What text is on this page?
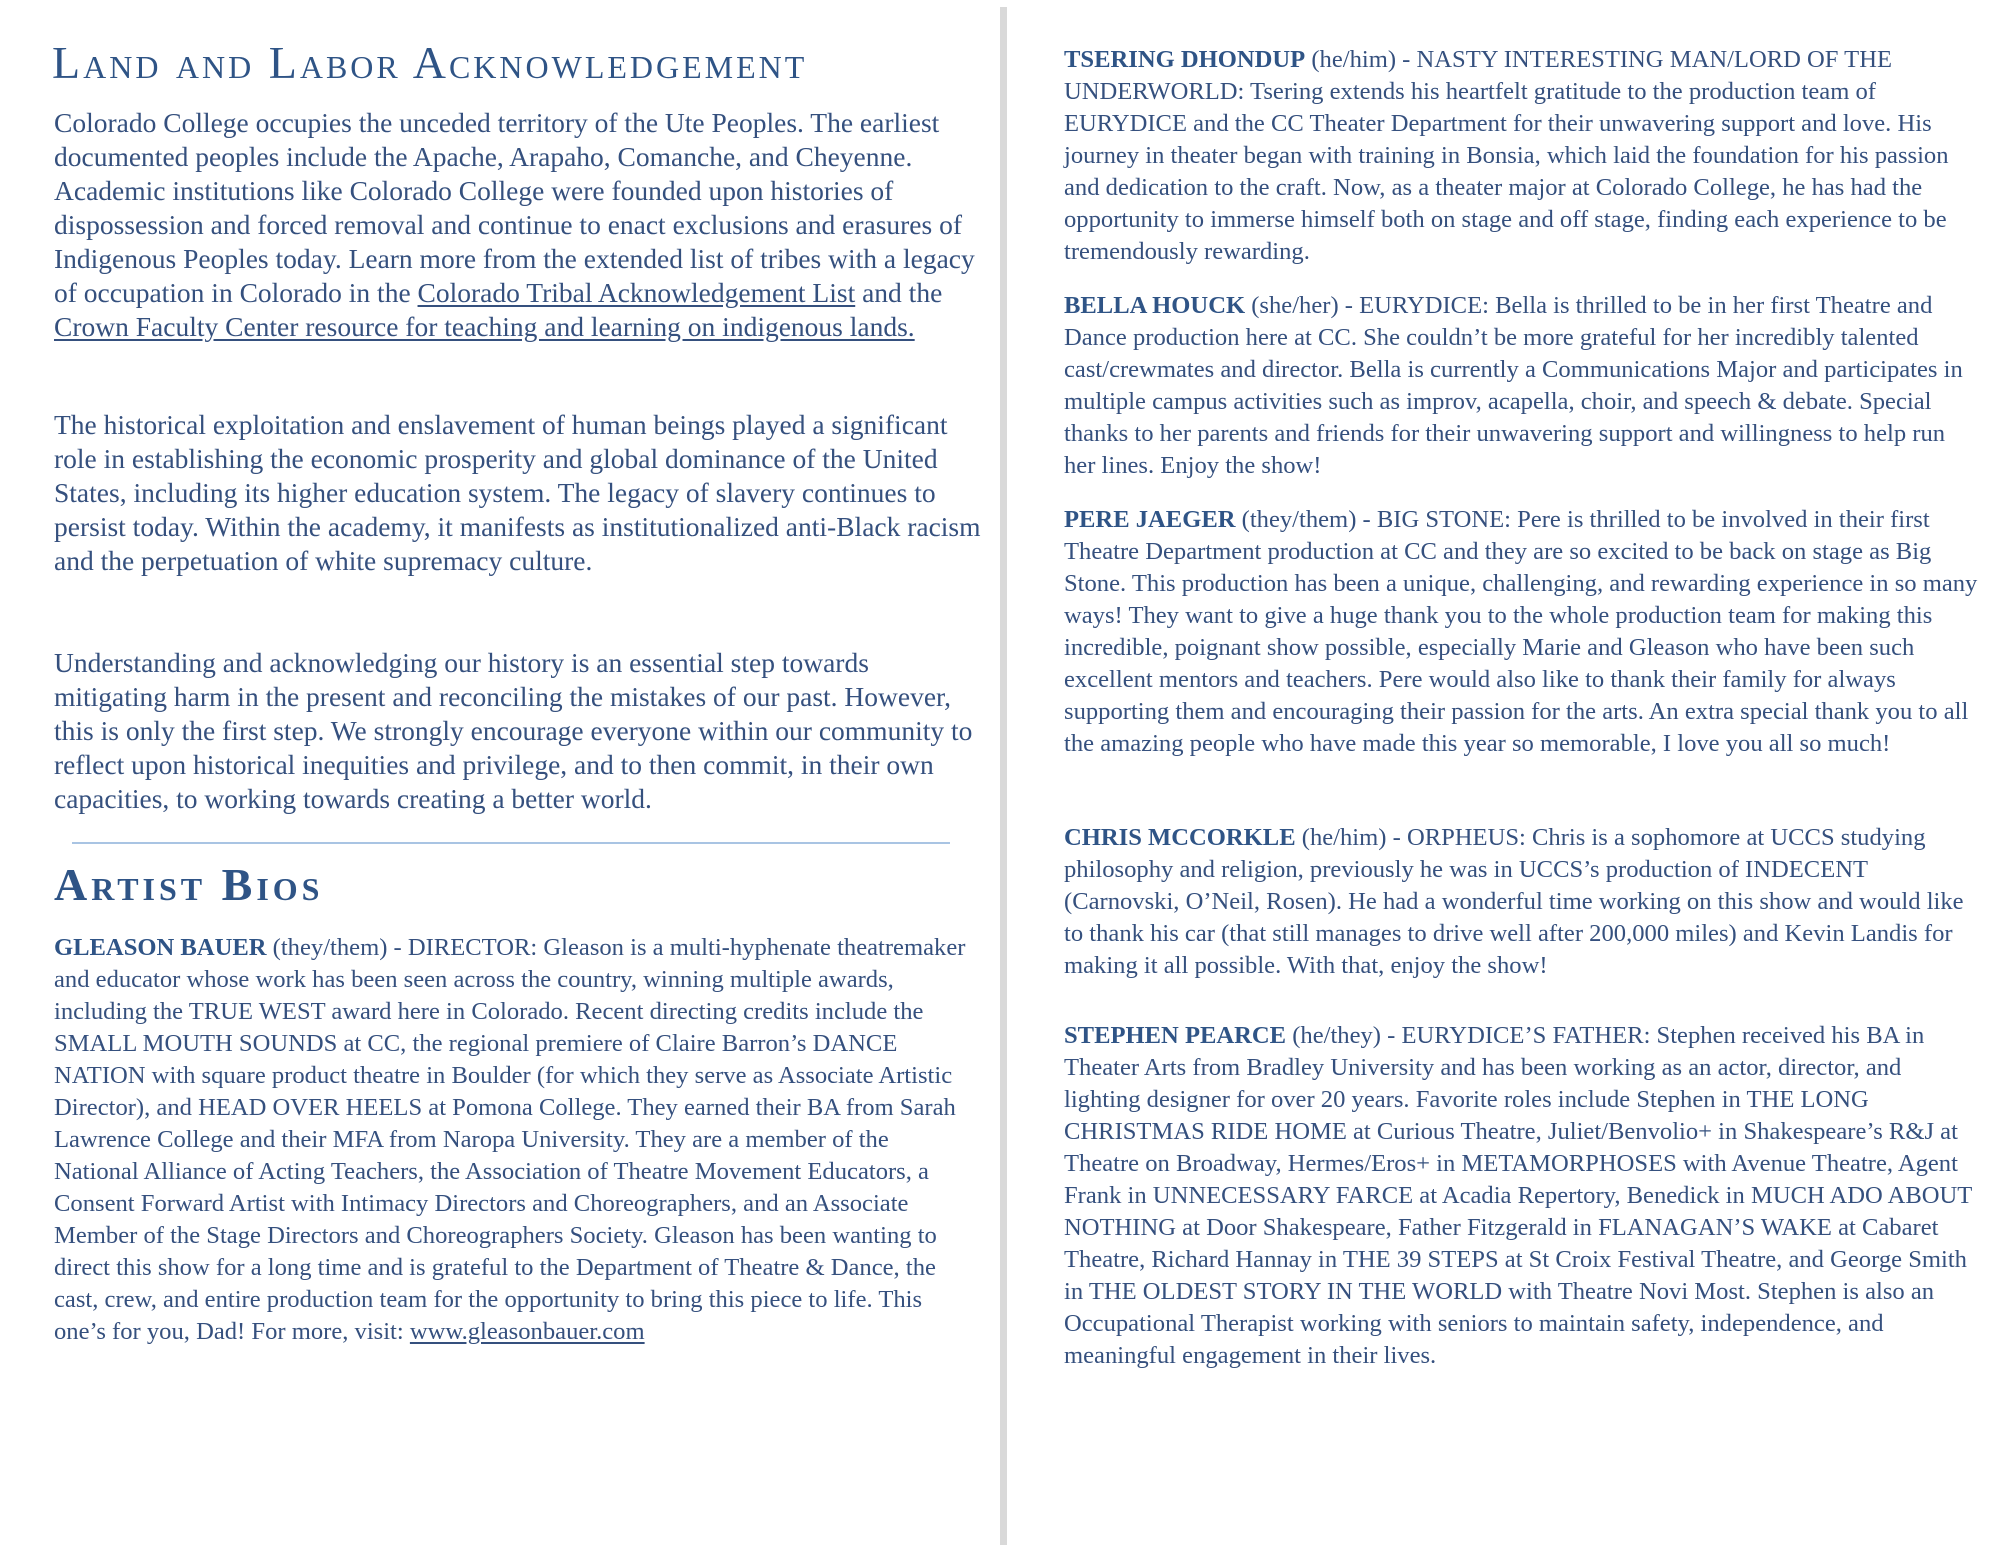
Land and Labor Acknowledgement

Colorado College occupies the unceded territory of the Ute Peoples. The earliest documented peoples include the Apache, Arapaho, Comanche, and Cheyenne. Academic institutions like Colorado College were founded upon histories of dispossession and forced removal and continue to enact exclusions and erasures of Indigenous Peoples today. Learn more from the extended list of tribes with a legacy of occupation in Colorado in the Colorado Tribal Acknowledgement List and the Crown Faculty Center resource for teaching and learning on indigenous lands.

The historical exploitation and enslavement of human beings played a significant role in establishing the economic prosperity and global dominance of the United States, including its higher education system. The legacy of slavery continues to persist today. Within the academy, it manifests as institutionalized anti-Black racism and the perpetuation of white supremacy culture.

Understanding and acknowledging our history is an essential step towards mitigating harm in the present and reconciling the mistakes of our past. However, this is only the first step. We strongly encourage everyone within our community to reflect upon historical inequities and privilege, and to then commit, in their own capacities, to working towards creating a better world.

Artist Bios

GLEASON BAUER (they/them) - DIRECTOR: Gleason is a multi-hyphenate theatremaker and educator whose work has been seen across the country, winning multiple awards, including the TRUE WEST award here in Colorado. Recent directing credits include the SMALL MOUTH SOUNDS at CC, the regional premiere of Claire Barron’s DANCE NATION with square product theatre in Boulder (for which they serve as Associate Artistic Director), and HEAD OVER HEELS at Pomona College. They earned their BA from Sarah Lawrence College and their MFA from Naropa University. They are a member of the National Alliance of Acting Teachers, the Association of Theatre Movement Educators, a Consent Forward Artist with Intimacy Directors and Choreographers, and an Associate Member of the Stage Directors and Choreographers Society. Gleason has been wanting to direct this show for a long time and is grateful to the Department of Theatre & Dance, the cast, crew, and entire production team for the opportunity to bring this piece to life. This one’s for you, Dad! For more, visit: www.gleasonbauer.com

TSERING DHONDUP (he/him) - NASTY INTERESTING MAN/LORD OF THE UNDERWORLD: Tsering extends his heartfelt gratitude to the production team of EURYDICE and the CC Theater Department for their unwavering support and love. His journey in theater began with training in Bonsia, which laid the foundation for his passion and dedication to the craft. Now, as a theater major at Colorado College, he has had the opportunity to immerse himself both on stage and off stage, finding each experience to be tremendously rewarding.

BELLA HOUCK (she/her) - EURYDICE: Bella is thrilled to be in her first Theatre and Dance production here at CC. She couldn’t be more grateful for her incredibly talented cast/crewmates and director. Bella is currently a Communications Major and participates in multiple campus activities such as improv, acapella, choir, and speech & debate. Special thanks to her parents and friends for their unwavering support and willingness to help run her lines. Enjoy the show!

PERE JAEGER (they/them) - BIG STONE: Pere is thrilled to be involved in their first Theatre Department production at CC and they are so excited to be back on stage as Big Stone. This production has been a unique, challenging, and rewarding experience in so many ways! They want to give a huge thank you to the whole production team for making this incredible, poignant show possible, especially Marie and Gleason who have been such excellent mentors and teachers. Pere would also like to thank their family for always supporting them and encouraging their passion for the arts. An extra special thank you to all the amazing people who have made this year so memorable, I love you all so much!

CHRIS MCCORKLE (he/him) - ORPHEUS: Chris is a sophomore at UCCS studying philosophy and religion, previously he was in UCCS’s production of INDECENT (Carnovski, O’Neil, Rosen). He had a wonderful time working on this show and would like to thank his car (that still manages to drive well after 200,000 miles) and Kevin Landis for making it all possible. With that, enjoy the show!

STEPHEN PEARCE (he/they) - EURYDICE’S FATHER: Stephen received his BA in Theater Arts from Bradley University and has been working as an actor, director, and lighting designer for over 20 years. Favorite roles include Stephen in THE LONG CHRISTMAS RIDE HOME at Curious Theatre, Juliet/Benvolio+ in Shakespeare’s R&J at Theatre on Broadway, Hermes/Eros+ in METAMORPHOSES with Avenue Theatre, Agent Frank in UNNECESSARY FARCE at Acadia Repertory, Benedick in MUCH ADO ABOUT NOTHING at Door Shakespeare, Father Fitzgerald in FLANAGAN’S WAKE at Cabaret Theatre, Richard Hannay in THE 39 STEPS at St Croix Festival Theatre, and George Smith in THE OLDEST STORY IN THE WORLD with Theatre Novi Most. Stephen is also an Occupational Therapist working with seniors to maintain safety, independence, and meaningful engagement in their lives.
